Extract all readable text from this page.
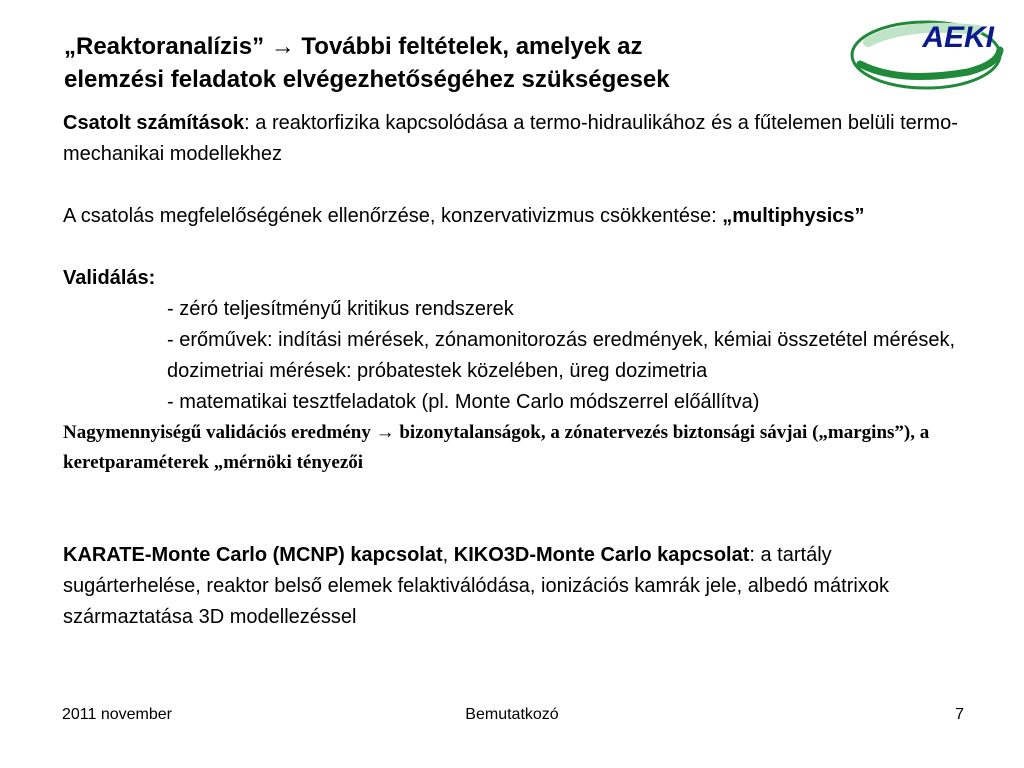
„Reaktoranalízis” → További feltételek, amelyek az
elemzési feladatok elvégezhetőségéhez szükségesek
AEKI

Csatolt számítások: a reaktorfizika kapcsolódása a termo-hidraulikához és a fűtelemen belüli termo-mechanikai modellekhez

A csatolás megfelelőségének ellenőrzése, konzervativizmus csökkentése: „multiphysics”

Validálás:

- zéró teljesítményű kritikus rendszerek

- erőművek: indítási mérések, zónamonitorozás eredmények, kémiai összetétel mérések, dozimetriai mérések: próbatestek közelében, üreg dozimetria

- matematikai tesztfeladatok (pl. Monte Carlo módszerrel előállítva)

Nagymennyiségű validációs eredmény → bizonytalanságok, a zónatervezés biztonsági sávjai („margins”), a keretparaméterek „mérnöki tényezői

KARATE-Monte Carlo (MCNP) kapcsolat, KIKO3D-Monte Carlo kapcsolat: a tartály sugárterhelése, reaktor belső elemek felaktiválódása, ionizációs kamrák jele, albedó mátrixok származtatása 3D modellezéssel

2011 november	Bemutatkozó	7
